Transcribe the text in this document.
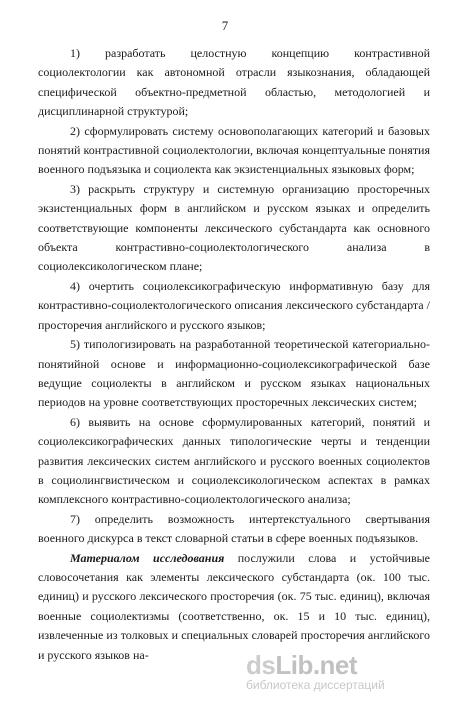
7

1) разработать целостную концепцию контрастивной социолектологии как автономной отрасли языкознания, обладающей специфической объектно-предметной областью, методологией и дисциплинарной структурой;

2) сформулировать систему основополагающих категорий и базовых понятий контрастивной социолектологии, включая концептуальные понятия военного подъязыка и социолекта как экзистенциальных языковых форм;

3) раскрыть структуру и системную организацию просторечных экзистенциальных форм в английском и русском языках и определить соответствующие компоненты лексического субстандарта как основного объекта контрастивно-социолектологического анализа в социолексикологическом плане;

4) очертить социолексикографическую информативную базу для контрастивно-социолектологического описания лексического субстандарта / просторечия английского и русского языков;

5) типологизировать на разработанной теоретической категориально-понятийной основе и информационно-социолексикографической базе ведущие социолекты в английском и русском языках национальных периодов на уровне соответствующих просторечных лексических систем;

6) выявить на основе сформулированных категорий, понятий и социолексикографических данных типологические черты и тенденции развития лексических систем английского и русского военных социолектов в социолингвистическом и социолексикологическом аспектах в рамках комплексного контрастивно-социолектологического анализа;

7) определить возможность интертекстуального свертывания военного дискурса в текст словарной статьи в сфере военных подъязыков.

Материалом исследования послужили слова и устойчивые словосочетания как элементы лексического субстандарта (ок. 100 тыс. единиц) и русского лексического просторечия (ок. 75 тыс. единиц), включая военные социолектизмы (соответственно, ок. 15 и 10 тыс. единиц), извлеченные из толковых и специальных словарей просторечия английского и русского языков на-	dsLib.net
библиотека диссертаций
